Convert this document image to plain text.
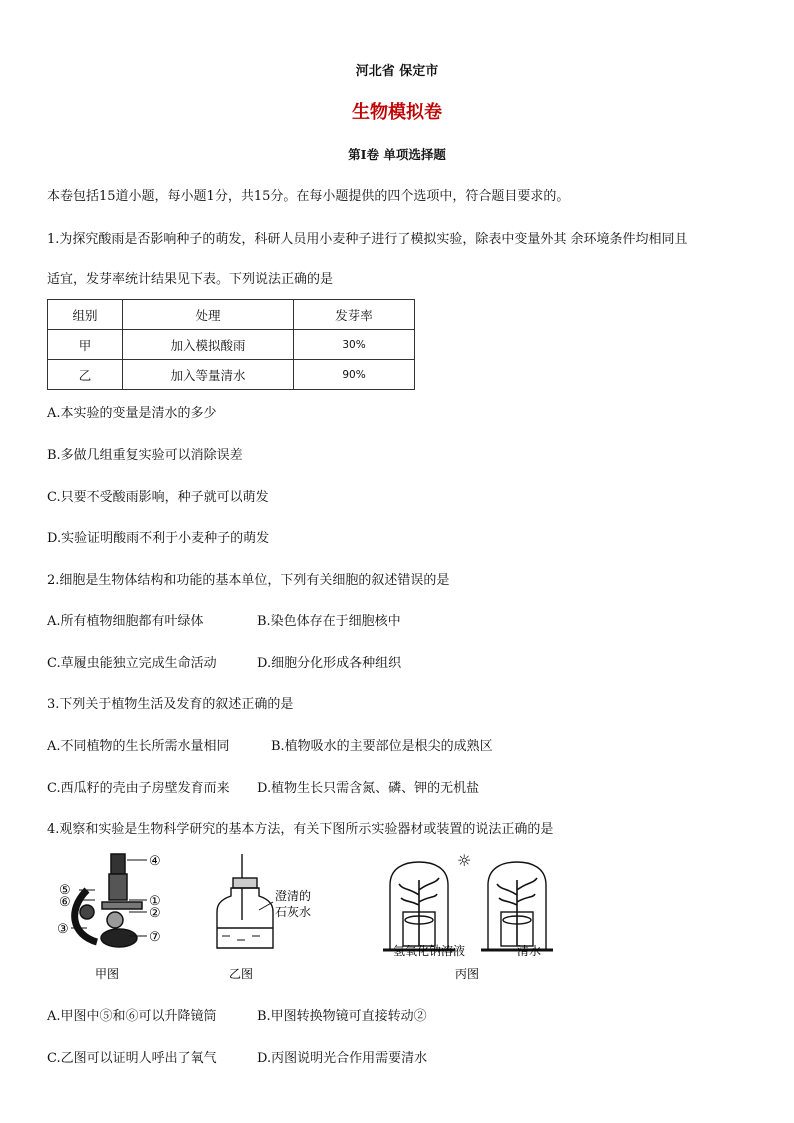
河北省 保定市
生物模拟卷
第Ⅰ卷 单项选择题
本卷包括15道小题，每小题1分，共15分。在每小题提供的四个选项中，符合题目要求的。
1.为探究酸雨是否影响种子的萌发，科研人员用小麦种子进行了模拟实验，除表中变量外其 余环境条件均相同且
适宜，发芽率统计结果见下表。下列说法正确的是
组别	处理	发芽率
甲	加入模拟酸雨	30%
乙	加入等量清水	90%
A.本实验的变量是清水的多少
B.多做几组重复实验可以消除误差
C.只要不受酸雨影响，种子就可以萌发
D.实验证明酸雨不利于小麦种子的萌发
2.细胞是生物体结构和功能的基本单位，下列有关细胞的叙述错误的是
A.所有植物细胞都有叶绿体	B.染色体存在于细胞核中
C.草履虫能独立完成生命活动	D.细胞分化形成各种组织
3.下列关于植物生活及发育的叙述正确的是
A.不同植物的生长所需水量相同	B.植物吸水的主要部位是根尖的成熟区
C.西瓜籽的壳由子房壁发育而来 D.植物生长只需含氮、磷、钾的无机盐
4.观察和实验是生物科学研究的基本方法，有关下图所示实验器材或装置的说法正确的是
④
⑤
⑥	①
②
③
⑦
甲图
澄清的
石灰水
乙图
☼
氢氧化钠溶液	清水
丙图
A.甲图中⑤和⑥可以升降镜筒	B.甲图转换物镜可直接转动②
C.乙图可以证明人呼出了氧气	D.丙图说明光合作用需要清水
